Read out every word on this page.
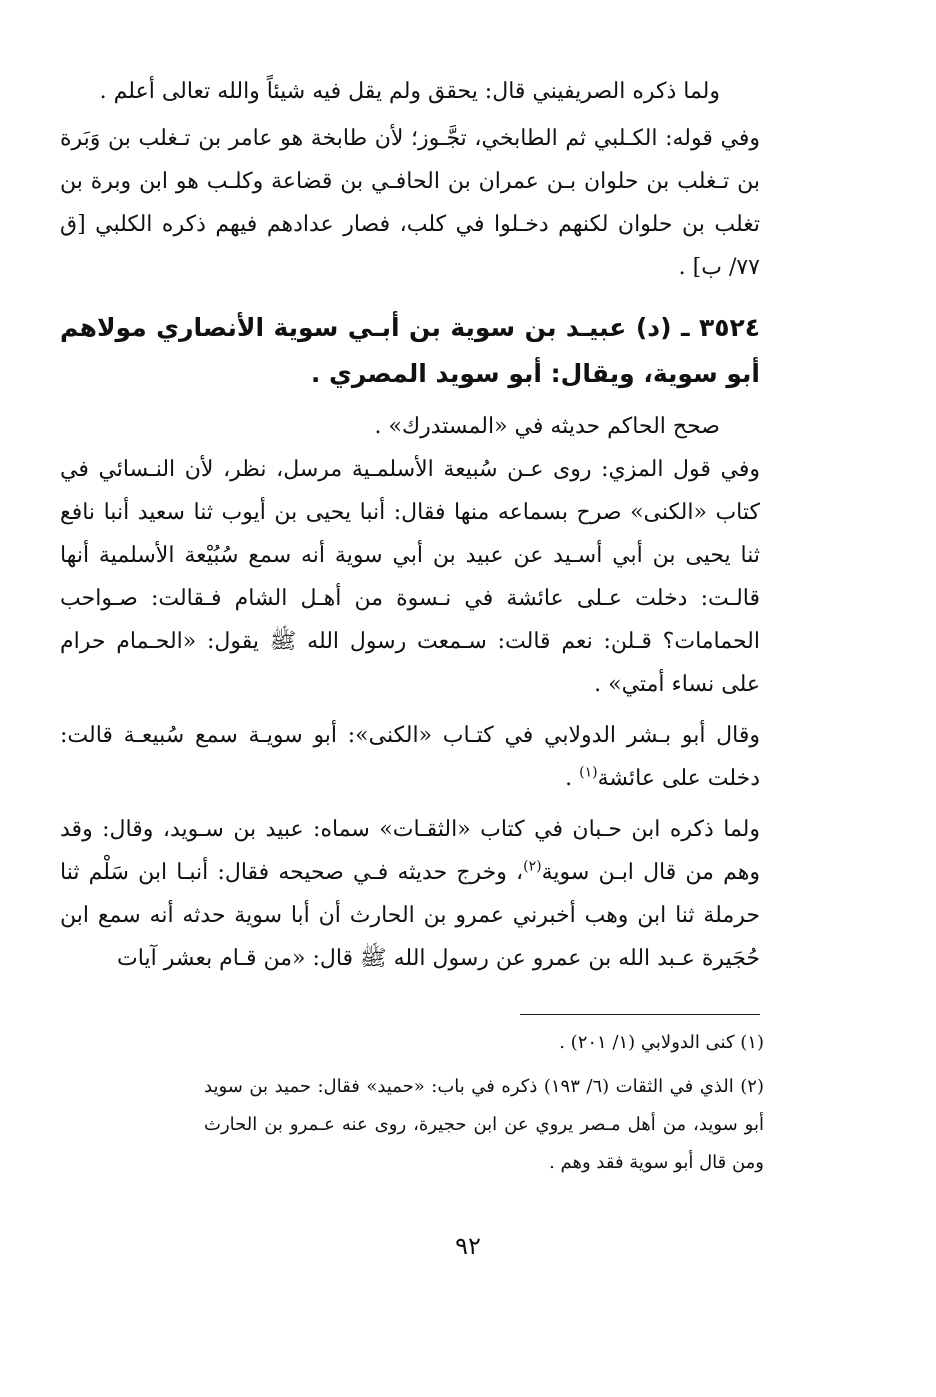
ولما ذكره الصريفيني قال: يحقق ولم يقل فيه شيئاً والله تعالى أعلم .

وفي قوله: الكـلبي ثم الطابخي، تجَّـوز؛ لأن طابخة هو عامر بن تـغلب بن وَبَرة بن تـغلب بن حلوان بـن عمران بن الحافـي بن قضاعة وكلـب هو ابن وبرة بن تغلب بن حلوان لكنهم دخـلوا في كلب، فصار عدادهم فيهم ذكره الكلبي [ق ٧٧/ ب] .

٣٥٢٤ ـ (د) عبيـد بن سوية بن أبـي سوية الأنصاري مولاهم أبو سوية، ويقال: أبو سويد المصري .

صحح الحاكم حديثه في «المستدرك» .

وفي قول المزي: روى عـن سُبيعة الأسلمـية مرسل، نظر، لأن النـسائي في كتاب «الكنى» صرح بسماعه منها فقال: أنبا يحيى بن أيوب ثنا سعيد أنبا نافع ثنا يحيى بن أبي أسـيد عن عبيد بن أبي سوية أنه سمع سُبُيْعة الأسلمية أنها قالـت: دخلت عـلى عائشة في نـسوة من أهـل الشام فـقالت: صـواحب الحمامات؟ قـلن: نعم قالت: سـمعت رسول الله ﷺ يقول: «الحـمام حرام على نساء أمتي» .

وقال أبو بـشر الدولابي في كتـاب «الكنى»: أبو سويـة سمع سُبيعـة قالت: دخلت على عائشة$^{(١)}$ .

ولما ذكره ابن حـبان في كتاب «الثقـات» سماه: عبيد بن سـويد، وقال: وقد وهم من قال ابـن سوية$^{(٢)}$، وخرج حديثه فـي صحيحه فقال: أنبـا ابن سَلْم ثنا حرملة ثنا ابن وهب أخبرني عمرو بن الحارث أن أبا سوية حدثه أنه سمع ابن حُجَيرة عـبد الله بن عمرو عن رسول الله ﷺ قال: «من قـام بعشر آيات

(١) كنى الدولابي (١/ ٢٠١) .

(٢) الذي في الثقات (٦/ ١٩٣) ذكره في باب: «حميد» فقال: حميد بن سويد أبو سويد، من أهل مـصر يروي عن ابن حجيرة، روى عنه عـمرو بن الحارث ومن قال أبو سوية فقد وهم .

٩٢
